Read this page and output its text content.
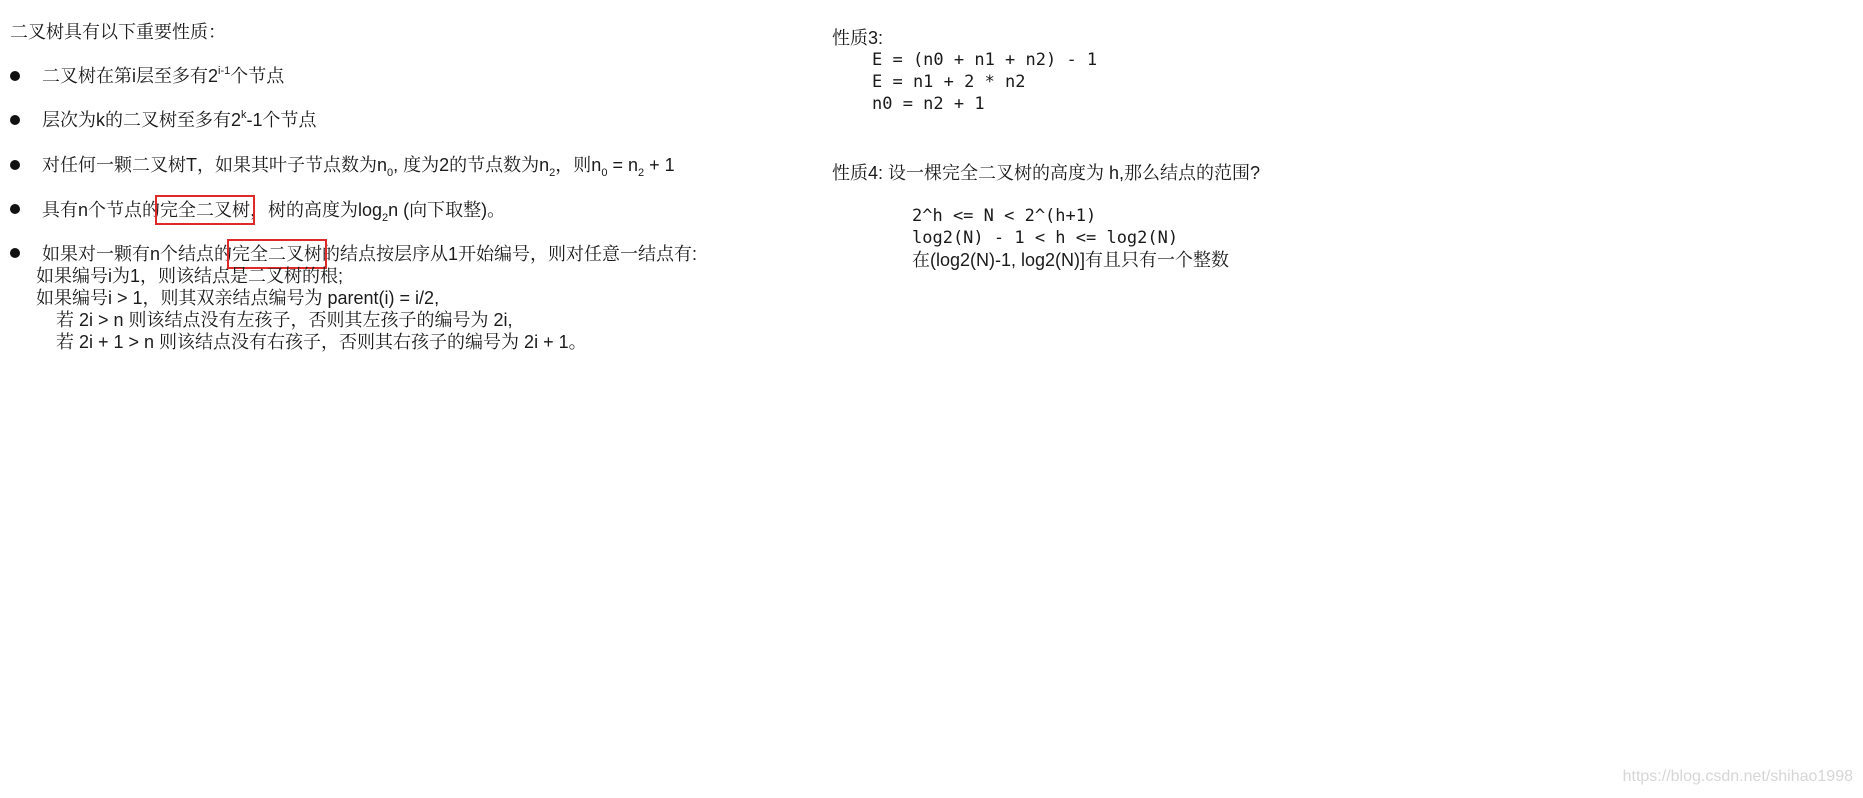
二叉树具有以下重要性质：
二叉树在第i层至多有2$^{i-1}$个节点
层次为k的二叉树至多有2$^k$-1个节点
对任何一颗二叉树T，如果其叶子节点数为$n_0$, 度为2的节点数为$n_2$，则$n_0 = n_2 + 1$
具有n个节点的完全二叉树，树的高度为$\log_2n$ (向下取整)。
如果对一颗有n个结点的完全二叉树的结点按层序从1开始编号，则对任意一结点有:
如果编号i为1，则该结点是二叉树的根;
如果编号i > 1，则其双亲结点编号为 parent(i) = i/2,
若 2i > n 则该结点没有左孩子，否则其左孩子的编号为 2i,
若 2i + 1 > n 则该结点没有右孩子，否则其右孩子的编号为 2i + 1。
性质3:
E = (n0 + n1 + n2) - 1
E = n1 + 2 * n2
n0 = n2 + 1
性质4: 设一棵完全二叉树的高度为 h,那么结点的范围?
2^h <= N < 2^(h+1)
log2(N) - 1 < h <= log2(N)
在(log2(N)-1, log2(N)]有且只有一个整数
https://blog.csdn.net/shihao1998
